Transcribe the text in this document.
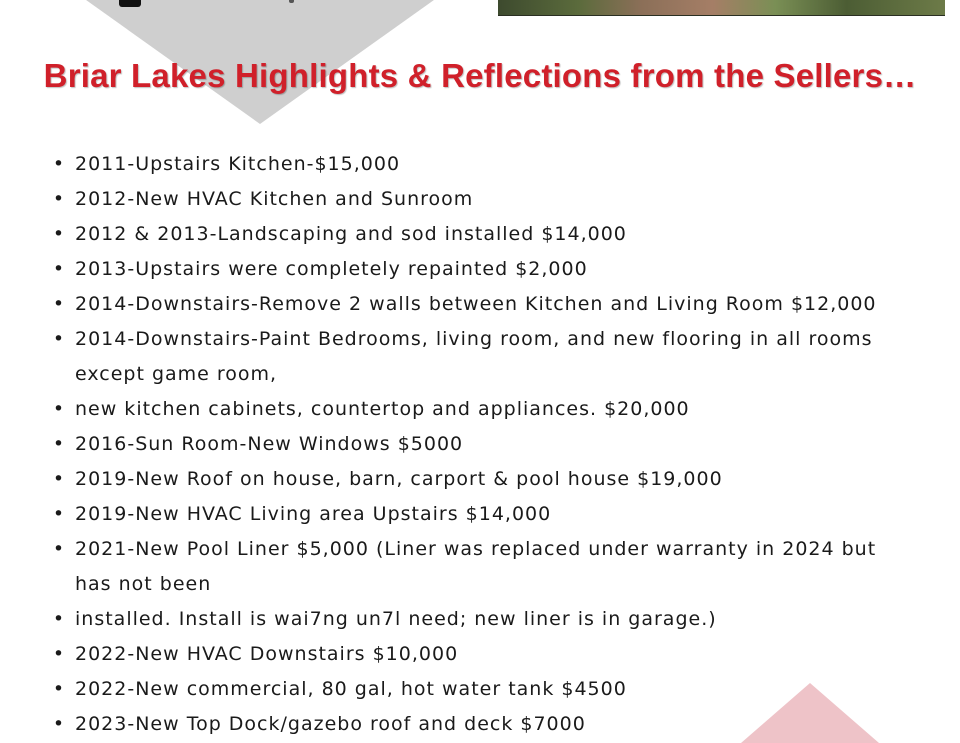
Briar Lakes Highlights & Reflections from the Sellers…
• 2011-Upstairs Kitchen-$15,000
• 2012-New HVAC Kitchen and Sunroom
• 2012 & 2013-Landscaping and sod installed $14,000
• 2013-Upstairs were completely repainted $2,000
• 2014-Downstairs-Remove 2 walls between Kitchen and Living Room $12,000
• 2014-Downstairs-Paint Bedrooms, living room, and new flooring in all rooms
except game room,
• new kitchen cabinets, countertop and appliances. $20,000
• 2016-Sun Room-New Windows $5000
• 2019-New Roof on house, barn, carport & pool house $19,000
• 2019-New HVAC Living area Upstairs $14,000
• 2021-New Pool Liner $5,000 (Liner was replaced under warranty in 2024 but
has not been
• installed. Install is wai7ng un7l need; new liner is in garage.)
• 2022-New HVAC Downstairs $10,000
• 2022-New commercial, 80 gal, hot water tank $4500
• 2023-New Top Dock/gazebo roof and deck $7000
